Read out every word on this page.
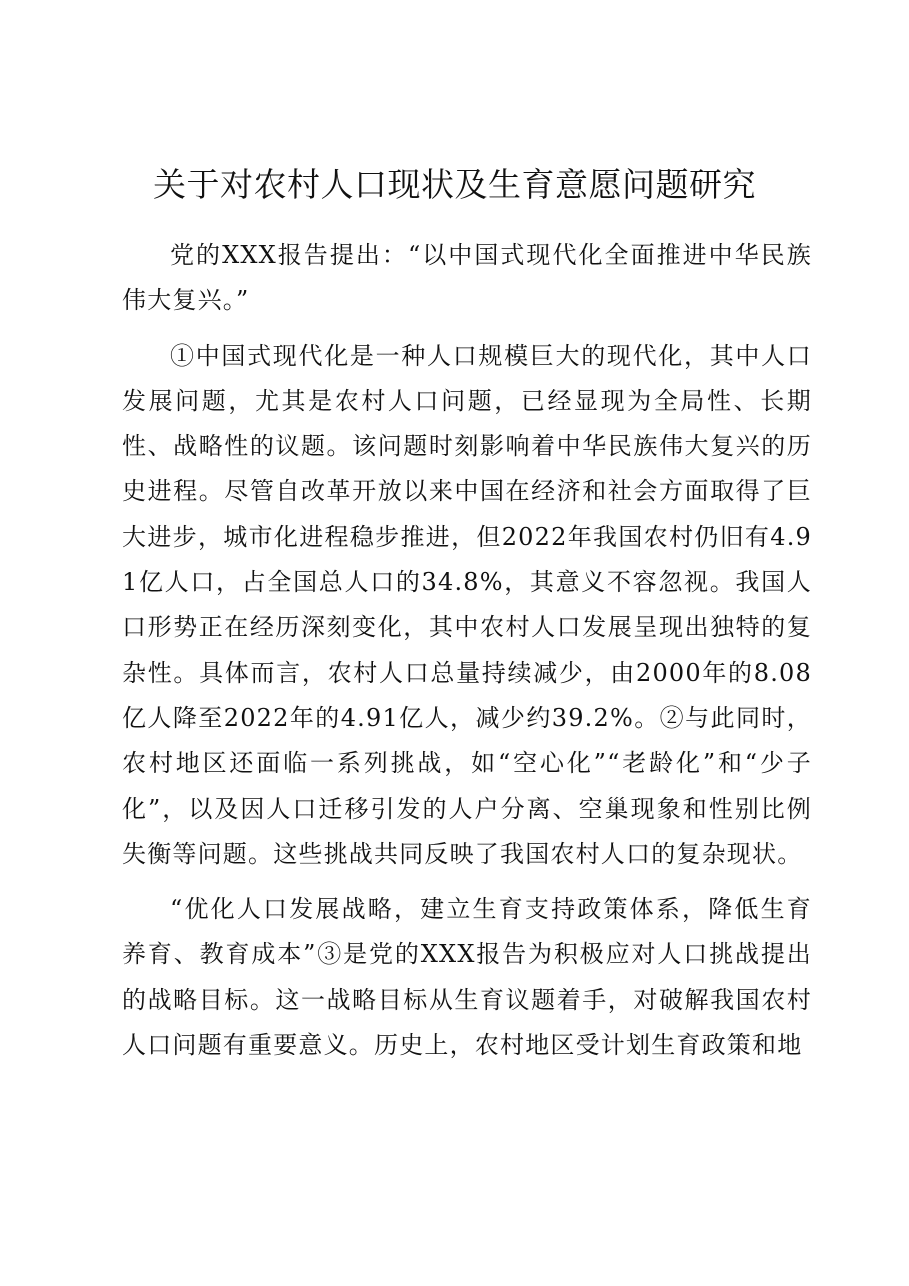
关于对农村人口现状及生育意愿问题研究

党的XXX报告提出：“以中国式现代化全面推进中华民族伟大复兴。”

①中国式现代化是一种人口规模巨大的现代化，其中人口发展问题，尤其是农村人口问题，已经显现为全局性、长期性、战略性的议题。该问题时刻影响着中华民族伟大复兴的历史进程。尽管自改革开放以来中国在经济和社会方面取得了巨大进步，城市化进程稳步推进，但2022年我国农村仍旧有4.91亿人口，占全国总人口的34.8%，其意义不容忽视。我国人口形势正在经历深刻变化，其中农村人口发展呈现出独特的复杂性。具体而言，农村人口总量持续减少，由2000年的8.08亿人降至2022年的4.91亿人，减少约39.2%。②与此同时，农村地区还面临一系列挑战，如“空心化”“老龄化”和“少子化”，以及因人口迁移引发的人户分离、空巢现象和性别比例失衡等问题。这些挑战共同反映了我国农村人口的复杂现状。

“优化人口发展战略，建立生育支持政策体系，降低生育养育、教育成本”③是党的XXX报告为积极应对人口挑战提出的战略目标。这一战略目标从生育议题着手，对破解我国农村人口问题有重要意义。历史上，农村地区受计划生育政策和地
